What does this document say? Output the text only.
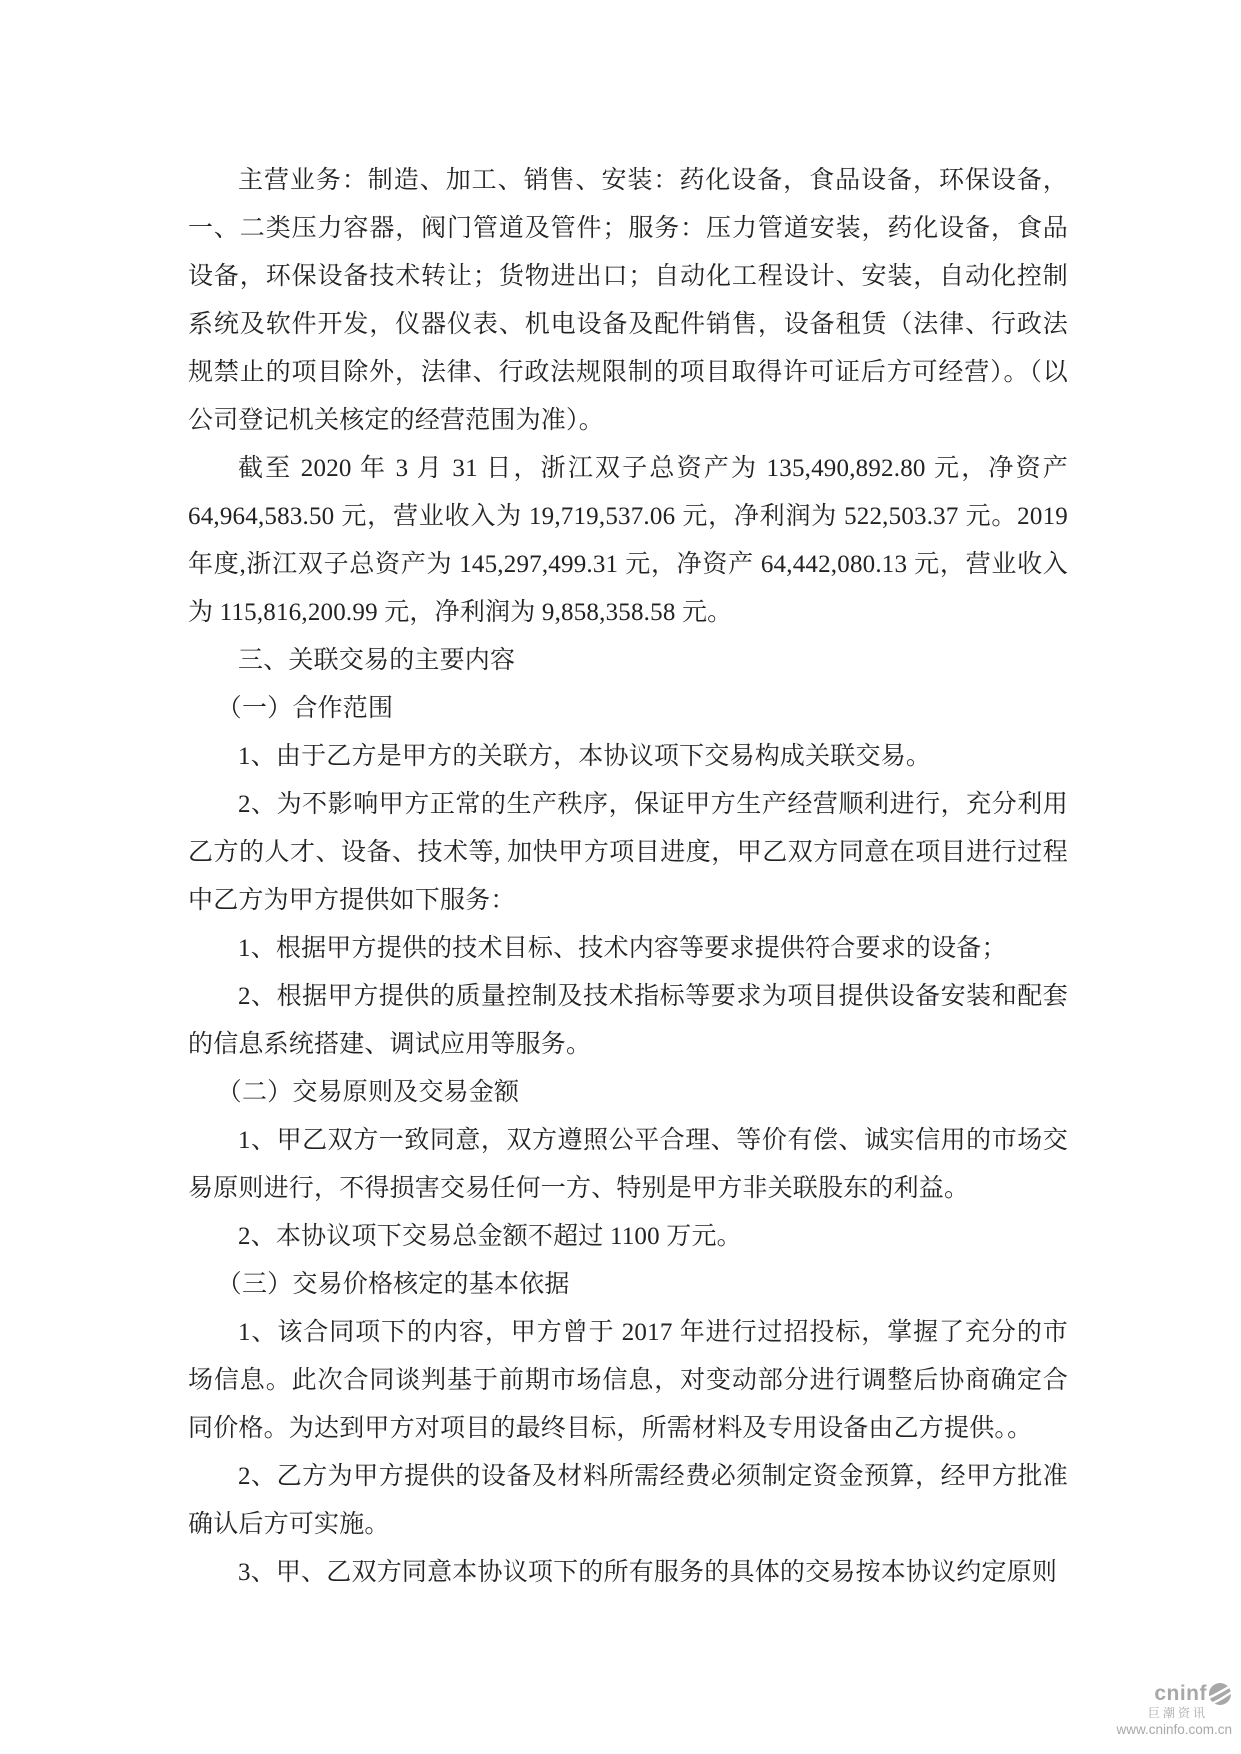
主营业务：制造、加工、销售、安装：药化设备，食品设备，环保设备，一、二类压力容器，阀门管道及管件；服务：压力管道安装，药化设备，食品设备，环保设备技术转让；货物进出口；自动化工程设计、安装，自动化控制系统及软件开发，仪器仪表、机电设备及配件销售，设备租赁（法律、行政法规禁止的项目除外，法律、行政法规限制的项目取得许可证后方可经营）。（以公司登记机关核定的经营范围为准）。

截至 2020 年 3 月 31 日，浙江双子总资产为 135,490,892.80 元，净资产 64,964,583.50 元，营业收入为 19,719,537.06 元，净利润为 522,503.37 元。2019 年度,浙江双子总资产为 145,297,499.31 元，净资产 64,442,080.13 元，营业收入为 115,816,200.99 元，净利润为 9,858,358.58 元。

三、关联交易的主要内容

（一）合作范围

1、由于乙方是甲方的关联方，本协议项下交易构成关联交易。

2、为不影响甲方正常的生产秩序，保证甲方生产经营顺利进行，充分利用乙方的人才、设备、技术等, 加快甲方项目进度，甲乙双方同意在项目进行过程中乙方为甲方提供如下服务：

1、根据甲方提供的技术目标、技术内容等要求提供符合要求的设备；

2、根据甲方提供的质量控制及技术指标等要求为项目提供设备安装和配套的信息系统搭建、调试应用等服务。

（二）交易原则及交易金额

1、甲乙双方一致同意，双方遵照公平合理、等价有偿、诚实信用的市场交易原则进行，不得损害交易任何一方、特别是甲方非关联股东的利益。

2、本协议项下交易总金额不超过 1100 万元。

（三）交易价格核定的基本依据

1、该合同项下的内容，甲方曾于 2017 年进行过招投标，掌握了充分的市场信息。此次合同谈判基于前期市场信息，对变动部分进行调整后协商确定合同价格。为达到甲方对项目的最终目标，所需材料及专用设备由乙方提供。。

2、乙方为甲方提供的设备及材料所需经费必须制定资金预算，经甲方批准确认后方可实施。

3、甲、乙双方同意本协议项下的所有服务的具体的交易按本协议约定原则

cninf
巨潮资讯
www.cninfo.com.cn
